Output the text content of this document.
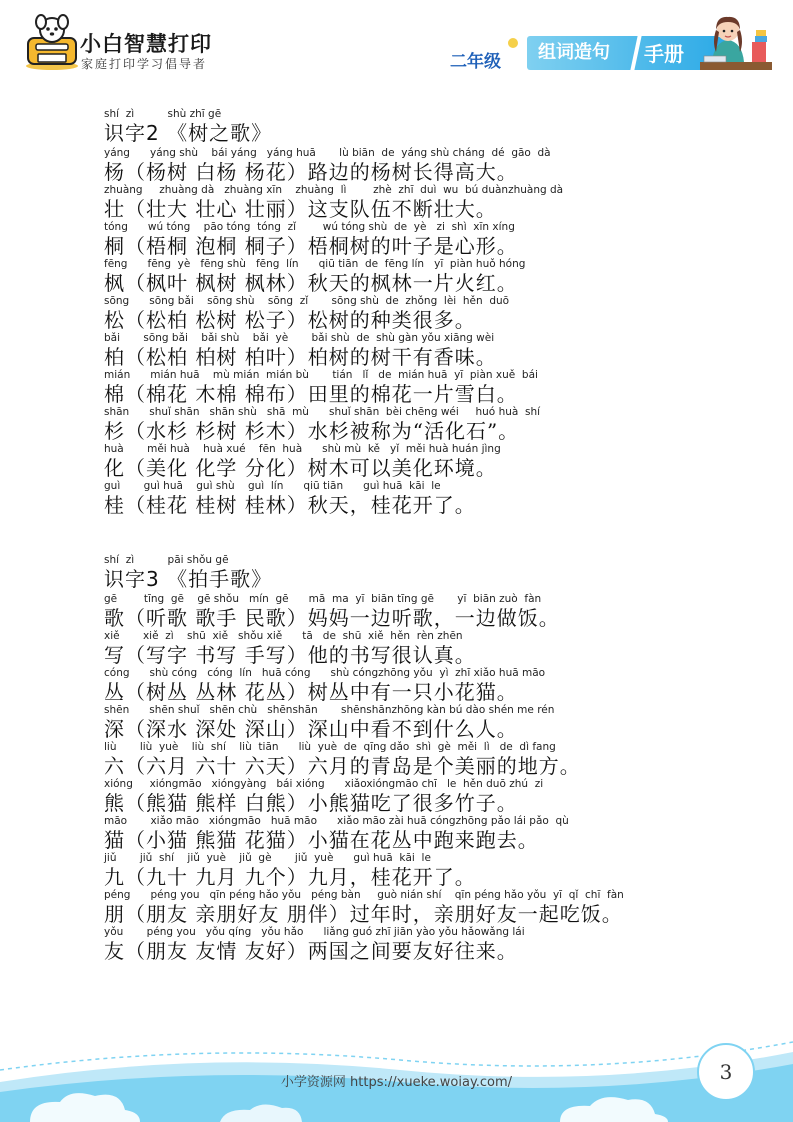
小白智慧打印
家庭打印学习倡导者	二年级 组词造句 手册
shí  zì          shù zhī gē
识字2 《树之歌》
yáng      yáng shù    bái yáng   yáng huā       lù biān  de  yáng shù cháng  dé  gāo  dà
杨（杨树 白杨 杨花）路边的杨树长得高大。
zhuàng     zhuàng dà   zhuàng xīn    zhuàng  lì        zhè  zhī  duì  wu  bú duànzhuàng dà
壮（壮大 壮心 壮丽）这支队伍不断壮大。
tóng      wú tóng    pāo tóng  tóng  zǐ        wú tóng shù  de  yè   zi  shì  xīn xíng
桐（梧桐 泡桐 桐子）梧桐树的叶子是心形。
fēng      fēng  yè   fēng shù   fēng  lín      qiū tiān  de  fēng lín   yī  piàn huǒ hóng
枫（枫叶 枫树 枫林）秋天的枫林一片火红。
sōng      sōng bǎi    sōng shù    sōng  zǐ       sōng shù  de  zhǒng  lèi  hěn  duō
松（松柏 松树 松子）松树的种类很多。
bǎi       sōng bǎi    bǎi shù    bǎi  yè       bǎi shù  de  shù gàn yǒu xiāng wèi
柏（松柏 柏树 柏叶）柏树的树干有香味。
mián      mián huā    mù mián  mián bù       tián   lǐ   de  mián huā  yī  piàn xuě  bái
棉（棉花 木棉 棉布）田里的棉花一片雪白。
shān      shuǐ shān   shān shù   shā  mù      shuǐ shān  bèi chēng wéi     huó huà  shí
杉（水杉 杉树 杉木）水杉被称为“活化石”。
huà       měi huà    huà xué    fēn  huà      shù mù  kě   yǐ  měi huà huán jìng
化（美化 化学 分化）树木可以美化环境。
guì       guì huā    guì shù    guì  lín      qiū tiān      guì huā  kāi  le
桂（桂花 桂树 桂林）秋天，桂花开了。
shí  zì          pāi shǒu gē
识字3 《拍手歌》
gē        tīng  gē    gē shǒu   mín  gē      mā  ma  yī  biān tīng gē       yī  biān zuò  fàn
歌（听歌 歌手 民歌）妈妈一边听歌，一边做饭。
xiě       xiě  zì    shū  xiě   shǒu xiě      tā   de  shū  xiě  hěn  rèn zhēn
写（写字 书写 手写）他的书写很认真。
cóng      shù cóng   cóng  lín   huā cóng      shù cóngzhōng yǒu  yì  zhī xiǎo huā māo
丛（树丛 丛林 花丛）树丛中有一只小花猫。
shēn      shēn shuǐ   shēn chù   shēnshān       shēnshānzhōng kàn bú dào shén me rén
深（深水 深处 深山）深山中看不到什么人。
liù       liù  yuè    liù  shí    liù  tiān      liù  yuè  de  qīng dǎo  shì  gè  měi  lì   de  dì fang
六（六月 六十 六天）六月的青岛是个美丽的地方。
xióng     xióngmāo   xióngyàng   bái xióng      xiǎoxióngmāo chī   le  hěn duō zhú  zi
熊（熊猫 熊样 白熊）小熊猫吃了很多竹子。
māo       xiǎo māo   xióngmāo   huā māo      xiǎo māo zài huā cóngzhōng pǎo lái pǎo  qù
猫（小猫 熊猫 花猫）小猫在花丛中跑来跑去。
jiǔ       jiǔ  shí    jiǔ  yuè    jiǔ  gè       jiǔ  yuè      guì huā  kāi  le
九（九十 九月 九个）九月，桂花开了。
péng      péng you   qīn péng hǎo yǒu   péng bàn     guò nián shí    qīn péng hǎo yǒu  yī  qǐ  chī  fàn
朋（朋友 亲朋好友 朋伴）过年时，亲朋好友一起吃饭。
yǒu       péng you   yǒu qíng   yǒu hǎo      liǎng guó zhī jiān yào yǒu hǎowǎng lái
友（朋友 友情 友好）两国之间要友好往来。
小学资源网 https://xueke.woiay.com/	3
